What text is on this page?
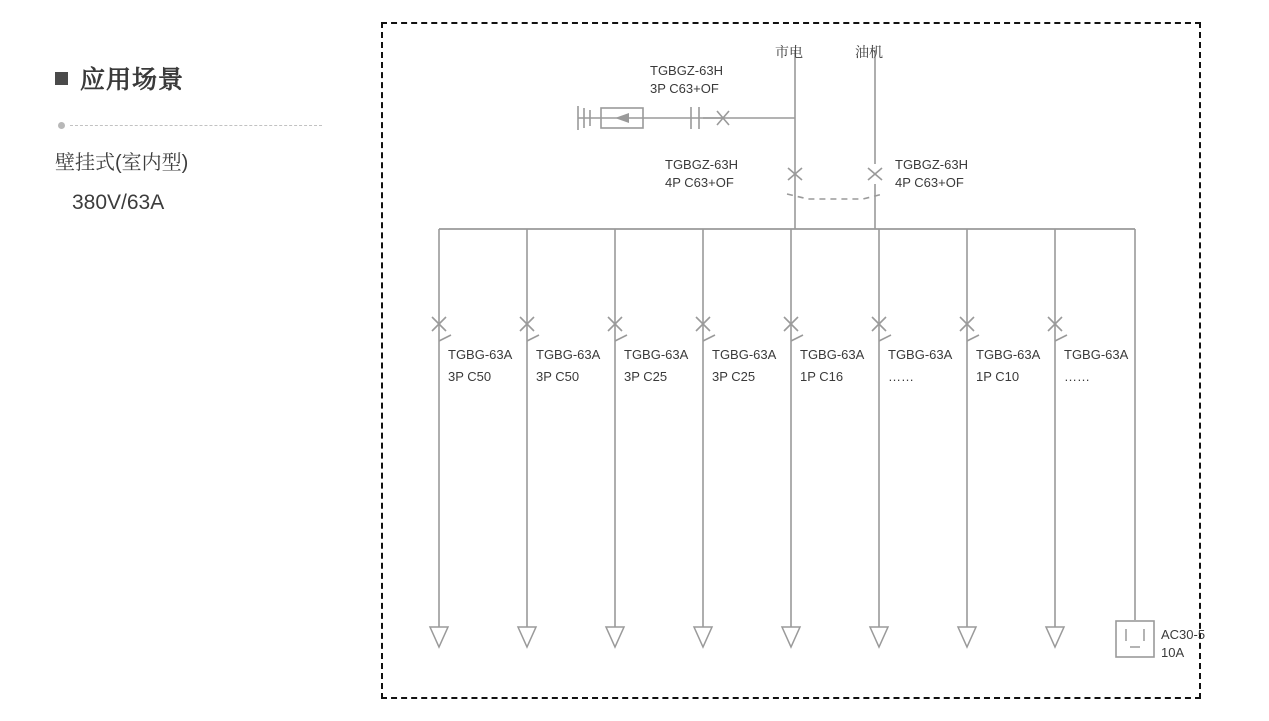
应用场景
壁挂式(室内型)
380V/63A
市电	油机
TGBGZ-63H
3P C63+OF
TGBGZ-63H
4P C63+OF
TGBGZ-63H
4P C63+OF
TGBG-63A
3P C50
TGBG-63A
3P C50
TGBG-63A
3P C25
TGBG-63A
3P C25
TGBG-63A
1P C16
TGBG-63A
……
TGBG-63A
1P C10
TGBG-63A
……
AC30-5
10A
